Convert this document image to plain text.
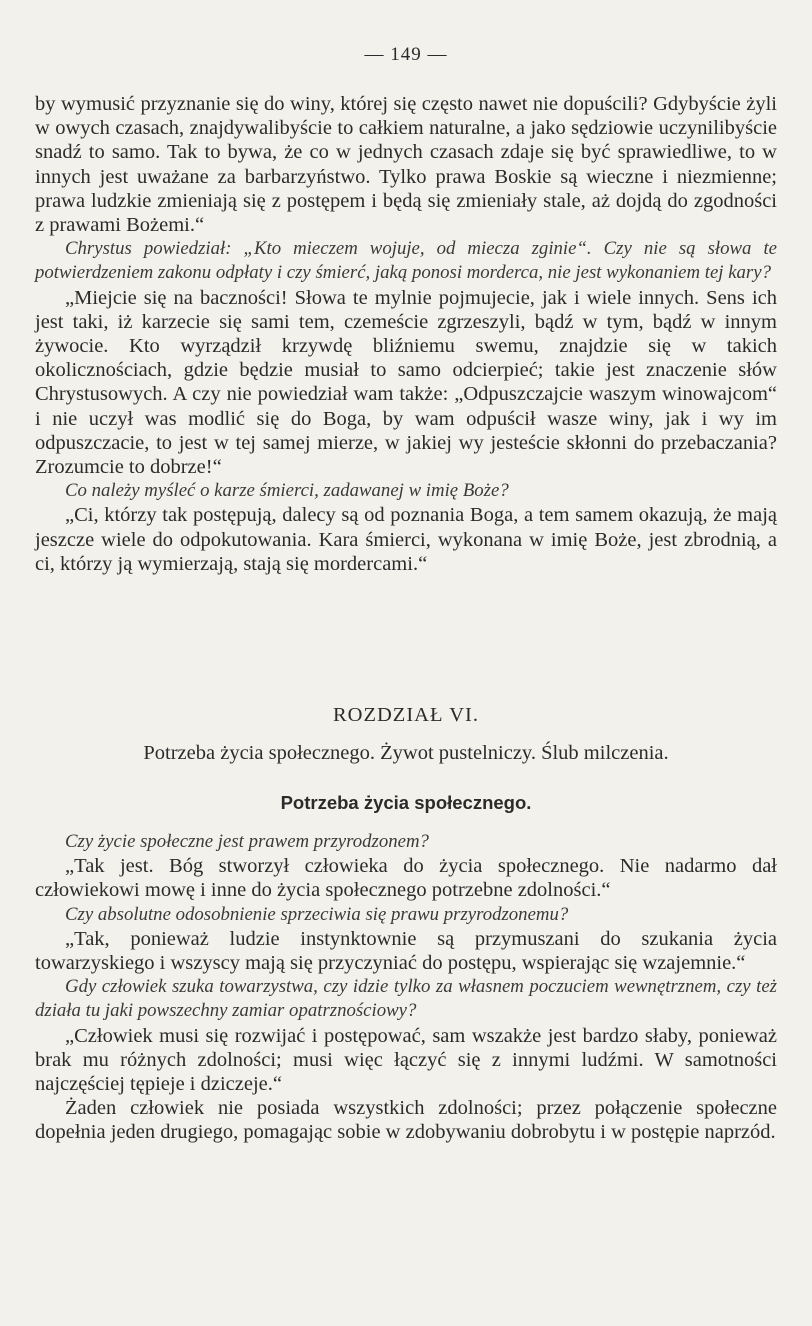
— 149 —

by wymusić przyznanie się do winy, której się często nawet nie dopuścili? Gdybyście żyli w owych czasach, znajdywalibyście to całkiem naturalne, a jako sędziowie uczynilibyście snadź to samo. Tak to bywa, że co w jednych czasach zdaje się być sprawiedliwe, to w innych jest uważane za barbarzyństwo. Tylko prawa Boskie są wieczne i niezmienne; prawa ludzkie zmieniają się z postępem i będą się zmieniały stale, aż dojdą do zgodności z prawami Bożemi.“

Chrystus powiedział: „Kto mieczem wojuje, od miecza zginie“. Czy nie są słowa te potwierdzeniem zakonu odpłaty i czy śmierć, jaką ponosi morderca, nie jest wykonaniem tej kary?

„Miejcie się na baczności! Słowa te mylnie pojmujecie, jak i wiele innych. Sens ich jest taki, iż karzecie się sami tem, czemeście zgrzeszyli, bądź w tym, bądź w innym żywocie. Kto wyrządził krzywdę bliźniemu swemu, znajdzie się w takich okolicznościach, gdzie będzie musiał to samo odcierpieć; takie jest znaczenie słów Chrystusowych. A czy nie powiedział wam także: „Odpuszczajcie waszym winowajcom“ i nie uczył was modlić się do Boga, by wam odpuścił wasze winy, jak i wy im odpuszczacie, to jest w tej samej mierze, w jakiej wy jesteście skłonni do przebaczania? Zrozumcie to dobrze!“

Co należy myśleć o karze śmierci, zadawanej w imię Boże?

„Ci, którzy tak postępują, dalecy są od poznania Boga, a tem samem okazują, że mają jeszcze wiele do odpokutowania. Kara śmierci, wykonana w imię Boże, jest zbrodnią, a ci, którzy ją wymierzają, stają się mordercami.“

ROZDZIAŁ VI.
Potrzeba życia społecznego. Żywot pustelniczy. Ślub milczenia.
Potrzeba życia społecznego.

Czy życie społeczne jest prawem przyrodzonem?

„Tak jest. Bóg stworzył człowieka do życia społecznego. Nie nadarmo dał człowiekowi mowę i inne do życia społecznego potrzebne zdolności.“

Czy absolutne odosobnienie sprzeciwia się prawu przyrodzonemu?

„Tak, ponieważ ludzie instynktownie są przymuszani do szukania życia towarzyskiego i wszyscy mają się przyczyniać do postępu, wspierając się wzajemnie.“

Gdy człowiek szuka towarzystwa, czy idzie tylko za własnem poczuciem wewnętrznem, czy też działa tu jaki powszechny zamiar opatrznościowy?

„Człowiek musi się rozwijać i postępować, sam wszakże jest bardzo słaby, ponieważ brak mu różnych zdolności; musi więc łączyć się z innymi ludźmi. W samotności najczęściej tępieje i dziczeje.“

Żaden człowiek nie posiada wszystkich zdolności; przez połączenie społeczne dopełnia jeden drugiego, pomagając sobie w zdobywaniu dobrobytu i w postępie naprzód.
